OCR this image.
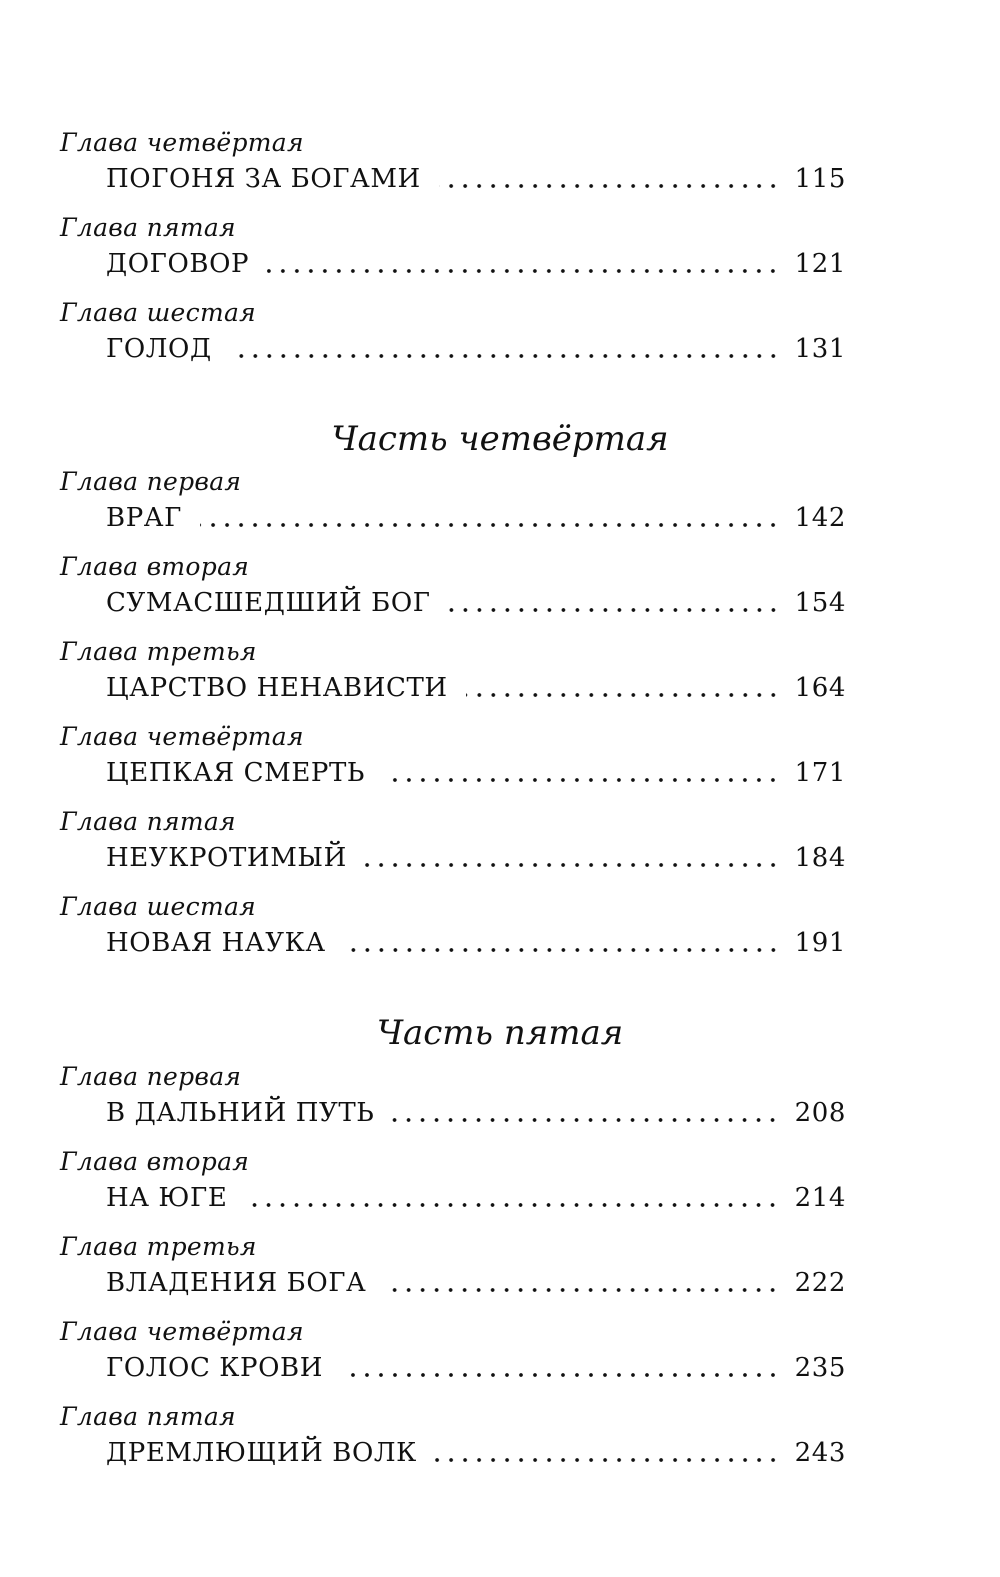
Глава четвёртая
ПОГОНЯ ЗА БОГАМИ	115
Глава пятая
ДОГОВОР	121
Глава шестая
ГОЛОД	131
Часть четвёртая
Глава первая
ВРАГ	142
Глава вторая
СУМАСШЕДШИЙ БОГ	154
Глава третья
ЦАРСТВО НЕНАВИСТИ	164
Глава четвёртая
ЦЕПКАЯ СМЕРТЬ	171
Глава пятая
НЕУКРОТИМЫЙ	184
Глава шестая
НОВАЯ НАУКА	191
Часть пятая
Глава первая
В ДАЛЬНИЙ ПУТЬ	208
Глава вторая
НА ЮГЕ	214
Глава третья
ВЛАДЕНИЯ БОГА	222
Глава четвёртая
ГОЛОС КРОВИ	235
Глава пятая
ДРЕМЛЮЩИЙ ВОЛК	243
